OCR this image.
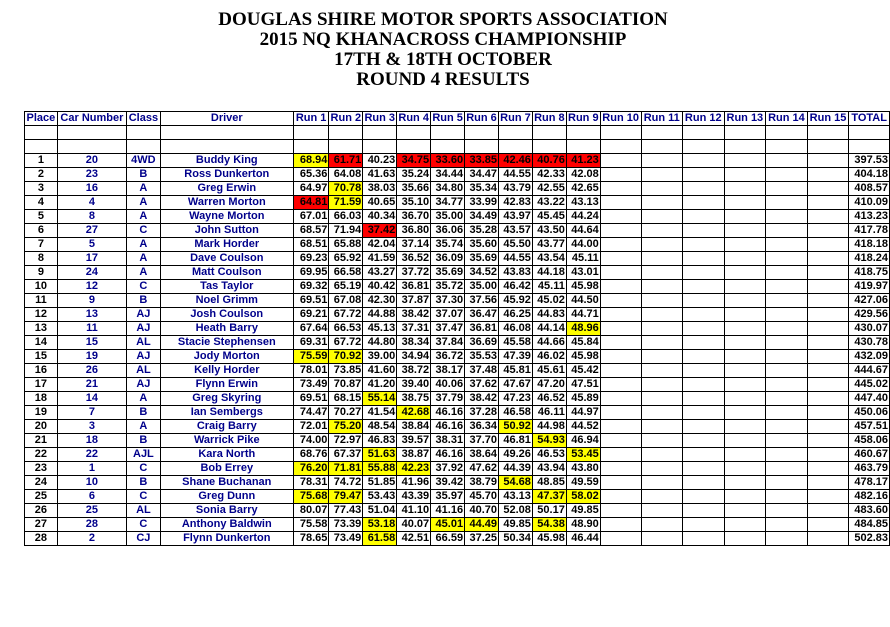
DOUGLAS SHIRE MOTOR SPORTS ASSOCIATION
2015 NQ KHANACROSS CHAMPIONSHIP
17TH & 18TH OCTOBER
ROUND 4 RESULTS
Place	Car Number	Class	Driver	Run 1	Run 2	Run 3	Run 4	Run 5	Run 6	Run 7	Run 8	Run 9	Run 10	Run 11	Run 12	Run 13	Run 14	Run 15	TOTAL

1	20	4WD	Buddy King	68.94	61.71	40.23	34.75	33.60	33.85	42.46	40.76	41.23							397.53
2	23	B	Ross Dunkerton	65.36	64.08	41.63	35.24	34.44	34.47	44.55	42.33	42.08							404.18
3	16	A	Greg Erwin	64.97	70.78	38.03	35.66	34.80	35.34	43.79	42.55	42.65							408.57
4	4	A	Warren Morton	64.81	71.59	40.65	35.10	34.77	33.99	42.83	43.22	43.13							410.09
5	8	A	Wayne Morton	67.01	66.03	40.34	36.70	35.00	34.49	43.97	45.45	44.24							413.23
6	27	C	John Sutton	68.57	71.94	37.42	36.80	36.06	35.28	43.57	43.50	44.64							417.78
7	5	A	Mark Horder	68.51	65.88	42.04	37.14	35.74	35.60	45.50	43.77	44.00							418.18
8	17	A	Dave Coulson	69.23	65.92	41.59	36.52	36.09	35.69	44.55	43.54	45.11							418.24
9	24	A	Matt Coulson	69.95	66.58	43.27	37.72	35.69	34.52	43.83	44.18	43.01							418.75
10	12	C	Tas Taylor	69.32	65.19	40.42	36.81	35.72	35.00	46.42	45.11	45.98							419.97
11	9	B	Noel Grimm	69.51	67.08	42.30	37.87	37.30	37.56	45.92	45.02	44.50							427.06
12	13	AJ	Josh Coulson	69.21	67.72	44.88	38.42	37.07	36.47	46.25	44.83	44.71							429.56
13	11	AJ	Heath Barry	67.64	66.53	45.13	37.31	37.47	36.81	46.08	44.14	48.96							430.07
14	15	AL	Stacie Stephensen	69.31	67.72	44.80	38.34	37.84	36.69	45.58	44.66	45.84							430.78
15	19	AJ	Jody Morton	75.59	70.92	39.00	34.94	36.72	35.53	47.39	46.02	45.98							432.09
16	26	AL	Kelly Horder	78.01	73.85	41.60	38.72	38.17	37.48	45.81	45.61	45.42							444.67
17	21	AJ	Flynn Erwin	73.49	70.87	41.20	39.40	40.06	37.62	47.67	47.20	47.51							445.02
18	14	A	Greg Skyring	69.51	68.15	55.14	38.75	37.79	38.42	47.23	46.52	45.89							447.40
19	7	B	Ian Sembergs	74.47	70.27	41.54	42.68	46.16	37.28	46.58	46.11	44.97							450.06
20	3	A	Craig Barry	72.01	75.20	48.54	38.84	46.16	36.34	50.92	44.98	44.52							457.51
21	18	B	Warrick Pike	74.00	72.97	46.83	39.57	38.31	37.70	46.81	54.93	46.94							458.06
22	22	AJL	Kara North	68.76	67.37	51.63	38.87	46.16	38.64	49.26	46.53	53.45							460.67
23	1	C	Bob Errey	76.20	71.81	55.88	42.23	37.92	47.62	44.39	43.94	43.80							463.79
24	10	B	Shane Buchanan	78.31	74.72	51.85	41.96	39.42	38.79	54.68	48.85	49.59							478.17
25	6	C	Greg Dunn	75.68	79.47	53.43	43.39	35.97	45.70	43.13	47.37	58.02							482.16
26	25	AL	Sonia Barry	80.07	77.43	51.04	41.10	41.16	40.70	52.08	50.17	49.85							483.60
27	28	C	Anthony Baldwin	75.58	73.39	53.18	40.07	45.01	44.49	49.85	54.38	48.90							484.85
28	2	CJ	Flynn Dunkerton	78.65	73.49	61.58	42.51	66.59	37.25	50.34	45.98	46.44							502.83
